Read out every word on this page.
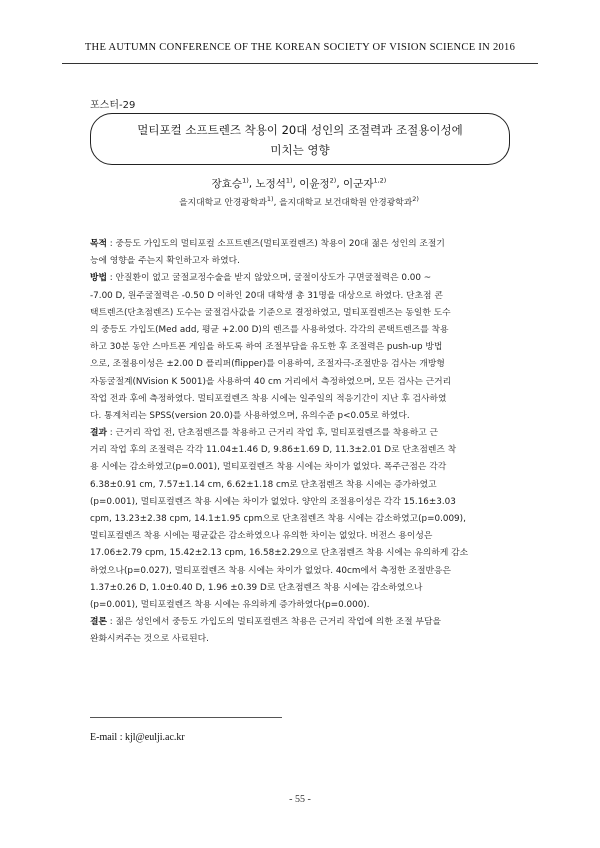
THE AUTUMN CONFERENCE OF THE KOREAN SOCIETY OF VISION SCIENCE IN 2016
포스터-29
멀티포컬 소프트렌즈 착용이 20대 성인의 조절력과 조절용이성에
미치는 영향
장효승$^{1)}$, 노정석$^{1)}$, 이윤정$^{2)}$, 이군자$^{1,2)}$
을지대학교 안경광학과$^{1)}$, 을지대학교 보건대학원 안경광학과$^{2)}$
목적 : 중등도 가입도의 멀티포컬 소프트렌즈(멀티포컬렌즈) 착용이 20대 젊은 성인의 조절기
능에 영향을 주는지 확인하고자 하였다.
방법 : 안질환이 없고 굴절교정수술을 받지 않았으며, 굴절이상도가 구면굴절력은 0.00 ~
-7.00 D, 원주굴절력은 -0.50 D 이하인 20대 대학생 총 31명을 대상으로 하였다. 단초점 콘
택트렌즈(단초점렌즈) 도수는 굴절검사값을 기준으로 결정하였고, 멀티포컬렌즈는 동일한 도수
의 중등도 가입도(Med add, 평균 +2.00 D)의 렌즈를 사용하였다. 각각의 콘택트렌즈를 착용
하고 30분 동안 스마트폰 게임을 하도록 하여 조절부담을 유도한 후 조절력은 push-up 방법
으로, 조절용이성은 ±2.00 D 플리퍼(flipper)를 이용하여, 조절자극-조절반응 검사는 개방형
자동굴절계(NVision K 5001)을 사용하여 40 cm 거리에서 측정하였으며, 모든 검사는 근거리
작업 전과 후에 측정하였다. 멀티포컬렌즈 착용 시에는 일주일의 적응기간이 지난 후 검사하였
다. 통계처리는 SPSS(version 20.0)를 사용하였으며, 유의수준 p<0.05로 하였다.
결과 : 근거리 작업 전, 단초점렌즈를 착용하고 근거리 작업 후, 멀티포컬렌즈를 착용하고 근
거리 작업 후의 조절력은 각각 11.04±1.46 D, 9.86±1.69 D, 11.3±2.01 D로 단초점렌즈 착
용 시에는 감소하였고(p=0.001), 멀티포컬렌즈 착용 시에는 차이가 없었다. 폭주근점은 각각
6.38±0.91 cm, 7.57±1.14 cm, 6.62±1.18 cm로 단초점렌즈 착용 시에는 증가하였고
(p=0.001), 멀티포컬렌즈 착용 시에는 차이가 없었다. 양안의 조절용이성은 각각 15.16±3.03
cpm, 13.23±2.38 cpm, 14.1±1.95 cpm으로 단초점렌즈 착용 시에는 감소하였고(p=0.009),
멀티포컬렌즈 착용 시에는 평균값은 감소하였으나 유의한 차이는 없었다. 버전스 용이성은
17.06±2.79 cpm, 15.42±2.13 cpm, 16.58±2.29으로 단초점렌즈 착용 시에는 유의하게 감소
하였으나(p=0.027), 멀티포컬렌즈 착용 시에는 차이가 없었다. 40cm에서 측정한 조절반응은
1.37±0.26 D, 1.0±0.40 D, 1.96 ±0.39 D로 단초점렌즈 착용 시에는 감소하였으나
(p=0.001), 멀티포컬렌즈 착용 시에는 유의하게 증가하였다(p=0.000).
결론 : 젊은 성인에서 중등도 가입도의 멀티포컬렌즈 착용은 근거리 작업에 의한 조절 부담을
완화시켜주는 것으로 사료된다.
E-mail : kjl@eulji.ac.kr
- 55 -
